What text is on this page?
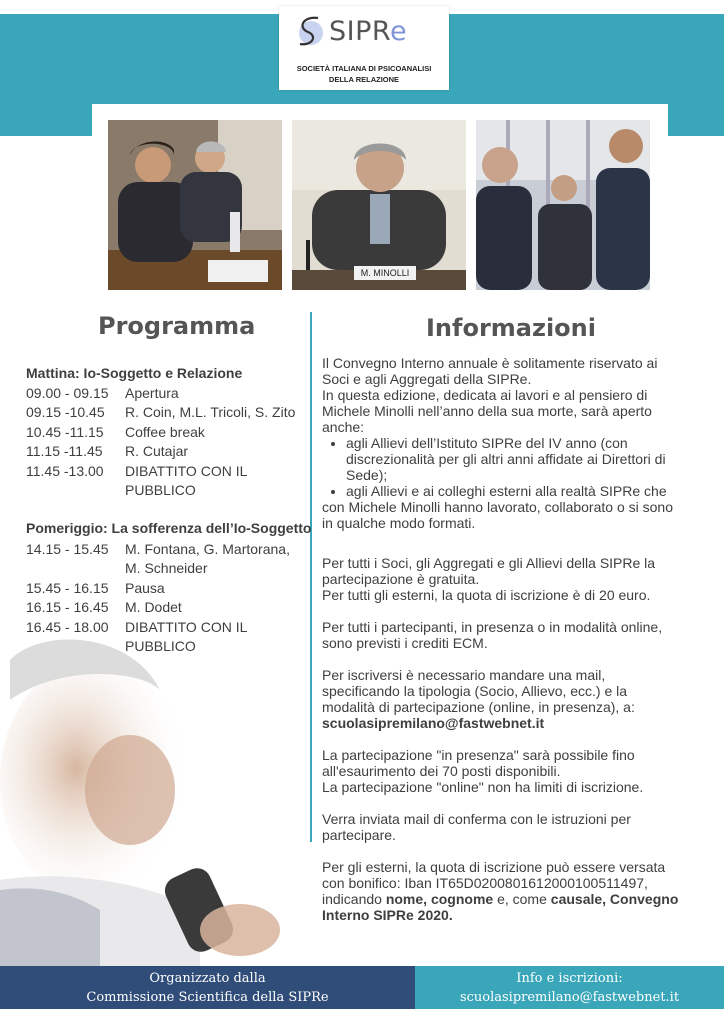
SIPRe
SOCIETÀ ITALIANA DI PSICOANALISI
DELLA RELAZIONE
M. MINOLLI
Programma	Informazioni
Mattina: Io-Soggetto e Relazione
09.00 - 09.15	Apertura
09.15 -10.45	R. Coin, M.L. Tricoli, S. Zito
10.45 -11.15	Coffee break
11.15 -11.45	R. Cutajar
11.45 -13.00	DIBATTITO CON IL PUBBLICO
Pomeriggio: La sofferenza dell’Io-Soggetto
14.15 - 15.45	M. Fontana, G. Martorana, M. Schneider
15.45 - 16.15	Pausa
16.15 - 16.45	M. Dodet
16.45 - 18.00	DIBATTITO CON IL PUBBLICO

Il Convegno Interno annuale è solitamente riservato ai Soci e agli Aggregati della SIPRe.

In questa edizione, dedicata ai lavori e al pensiero di Michele Minolli nell’anno della sua morte, sarà aperto anche:

• agli Allievi dell’Istituto SIPRe del IV anno (con discrezionalità per gli altri anni affidate ai Direttori di Sede);
• agli Allievi e ai colleghi esterni alla realtà SIPRe che

con Michele Minolli hanno lavorato, collaborato o si sono in qualche modo formati.

Per tutti i Soci, gli Aggregati e gli Allievi della SIPRe la partecipazione è gratuita.

Per tutti gli esterni, la quota di iscrizione è di 20 euro.

Per tutti i partecipanti, in presenza o in modalità online, sono previsti i crediti ECM.

Per iscriversi è necessario mandare una mail, specificando la tipologia (Socio, Allievo, ecc.) e la modalità di partecipazione (online, in presenza), a:

scuolasipremilano@fastwebnet.it

La partecipazione "in presenza" sarà possibile fino all'esaurimento dei 70 posti disponibili.

La partecipazione "online" non ha limiti di iscrizione.

Verra inviata mail di conferma con le istruzioni per partecipare.

Per gli esterni, la quota di iscrizione può essere versata con bonifico: Iban IT65D0200801612000100511497,

indicando nome, cognome e, come causale, Convegno Interno SIPRe 2020.

Organizzato dalla
Commissione Scientifica della SIPRe
Info e iscrizioni:
scuolasipremilano@fastwebnet.it
